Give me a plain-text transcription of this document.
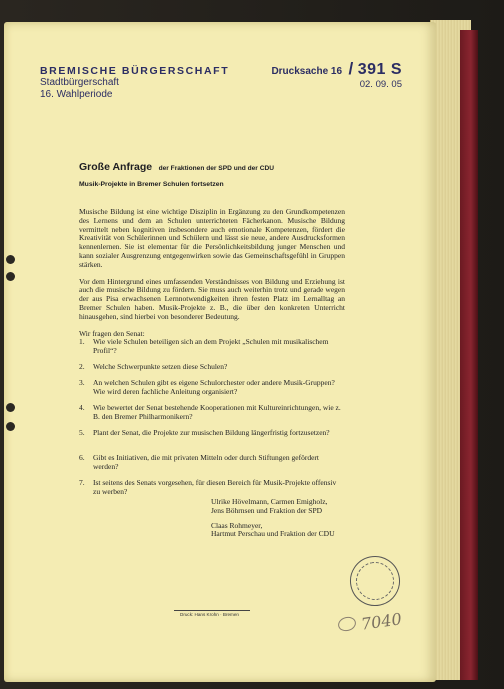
BREMISCHE BÜRGERSCHAFT
Stadtbürgerschaft
16. Wahlperiode
Drucksache 16 / 391 S
02. 09. 05
Große Anfrage der Fraktionen der SPD und der CDU
Musik-Projekte in Bremer Schulen fortsetzen

Musische Bildung ist eine wichtige Disziplin in Ergänzung zu den Grundkompetenzen des Lernens und dem an Schulen unterrichteten Fächerkanon. Musische Bildung vermittelt neben kognitiven insbesondere auch emotionale Kompetenzen, fördert die Kreativität von Schülerinnen und Schülern und lässt sie neue, andere Ausdrucksformen kennenlernen. Sie ist elementar für die Persönlichkeitsbildung junger Menschen und kann sozialer Ausgrenzung entgegenwirken sowie das Gemeinschaftsgefühl in Gruppen stärken.

Vor dem Hintergrund eines umfassenden Verständnisses von Bildung und Erziehung ist auch die musische Bildung zu fördern. Sie muss auch weiterhin trotz und gerade wegen der aus Pisa erwachsenen Lernnotwendigkeiten ihren festen Platz im Lernalltag an Bremer Schulen haben. Musik-Projekte z. B., die über den konkreten Unterricht hinausgehen, sind hierbei von besonderer Bedeutung.

Wir fragen den Senat:

1.	Wie viele Schulen beteiligen sich an dem Projekt „Schulen mit musikalischem Profil“?
2.	Welche Schwerpunkte setzen diese Schulen?
3.	An welchen Schulen gibt es eigene Schulorchester oder andere Musik-Gruppen? Wie wird deren fachliche Anleitung organisiert?
4.	Wie bewertet der Senat bestehende Kooperationen mit Kultureinrichtungen, wie z. B. den Bremer Philharmonikern?
5.	Plant der Senat, die Projekte zur musischen Bildung längerfristig fortzusetzen?
6.	Gibt es Initiativen, die mit privaten Mitteln oder durch Stiftungen gefördert werden?
7.	Ist seitens des Senats vorgesehen, für diesen Bereich für Musik-Projekte offensiv zu werben?
Ulrike Hövelmann, Carmen Emigholz,
Jens Böhrnsen und Fraktion der SPD
Claas Rohmeyer,
Hartmut Perschau und Fraktion der CDU
Druck: Hans Krohn · Bremen	7040
